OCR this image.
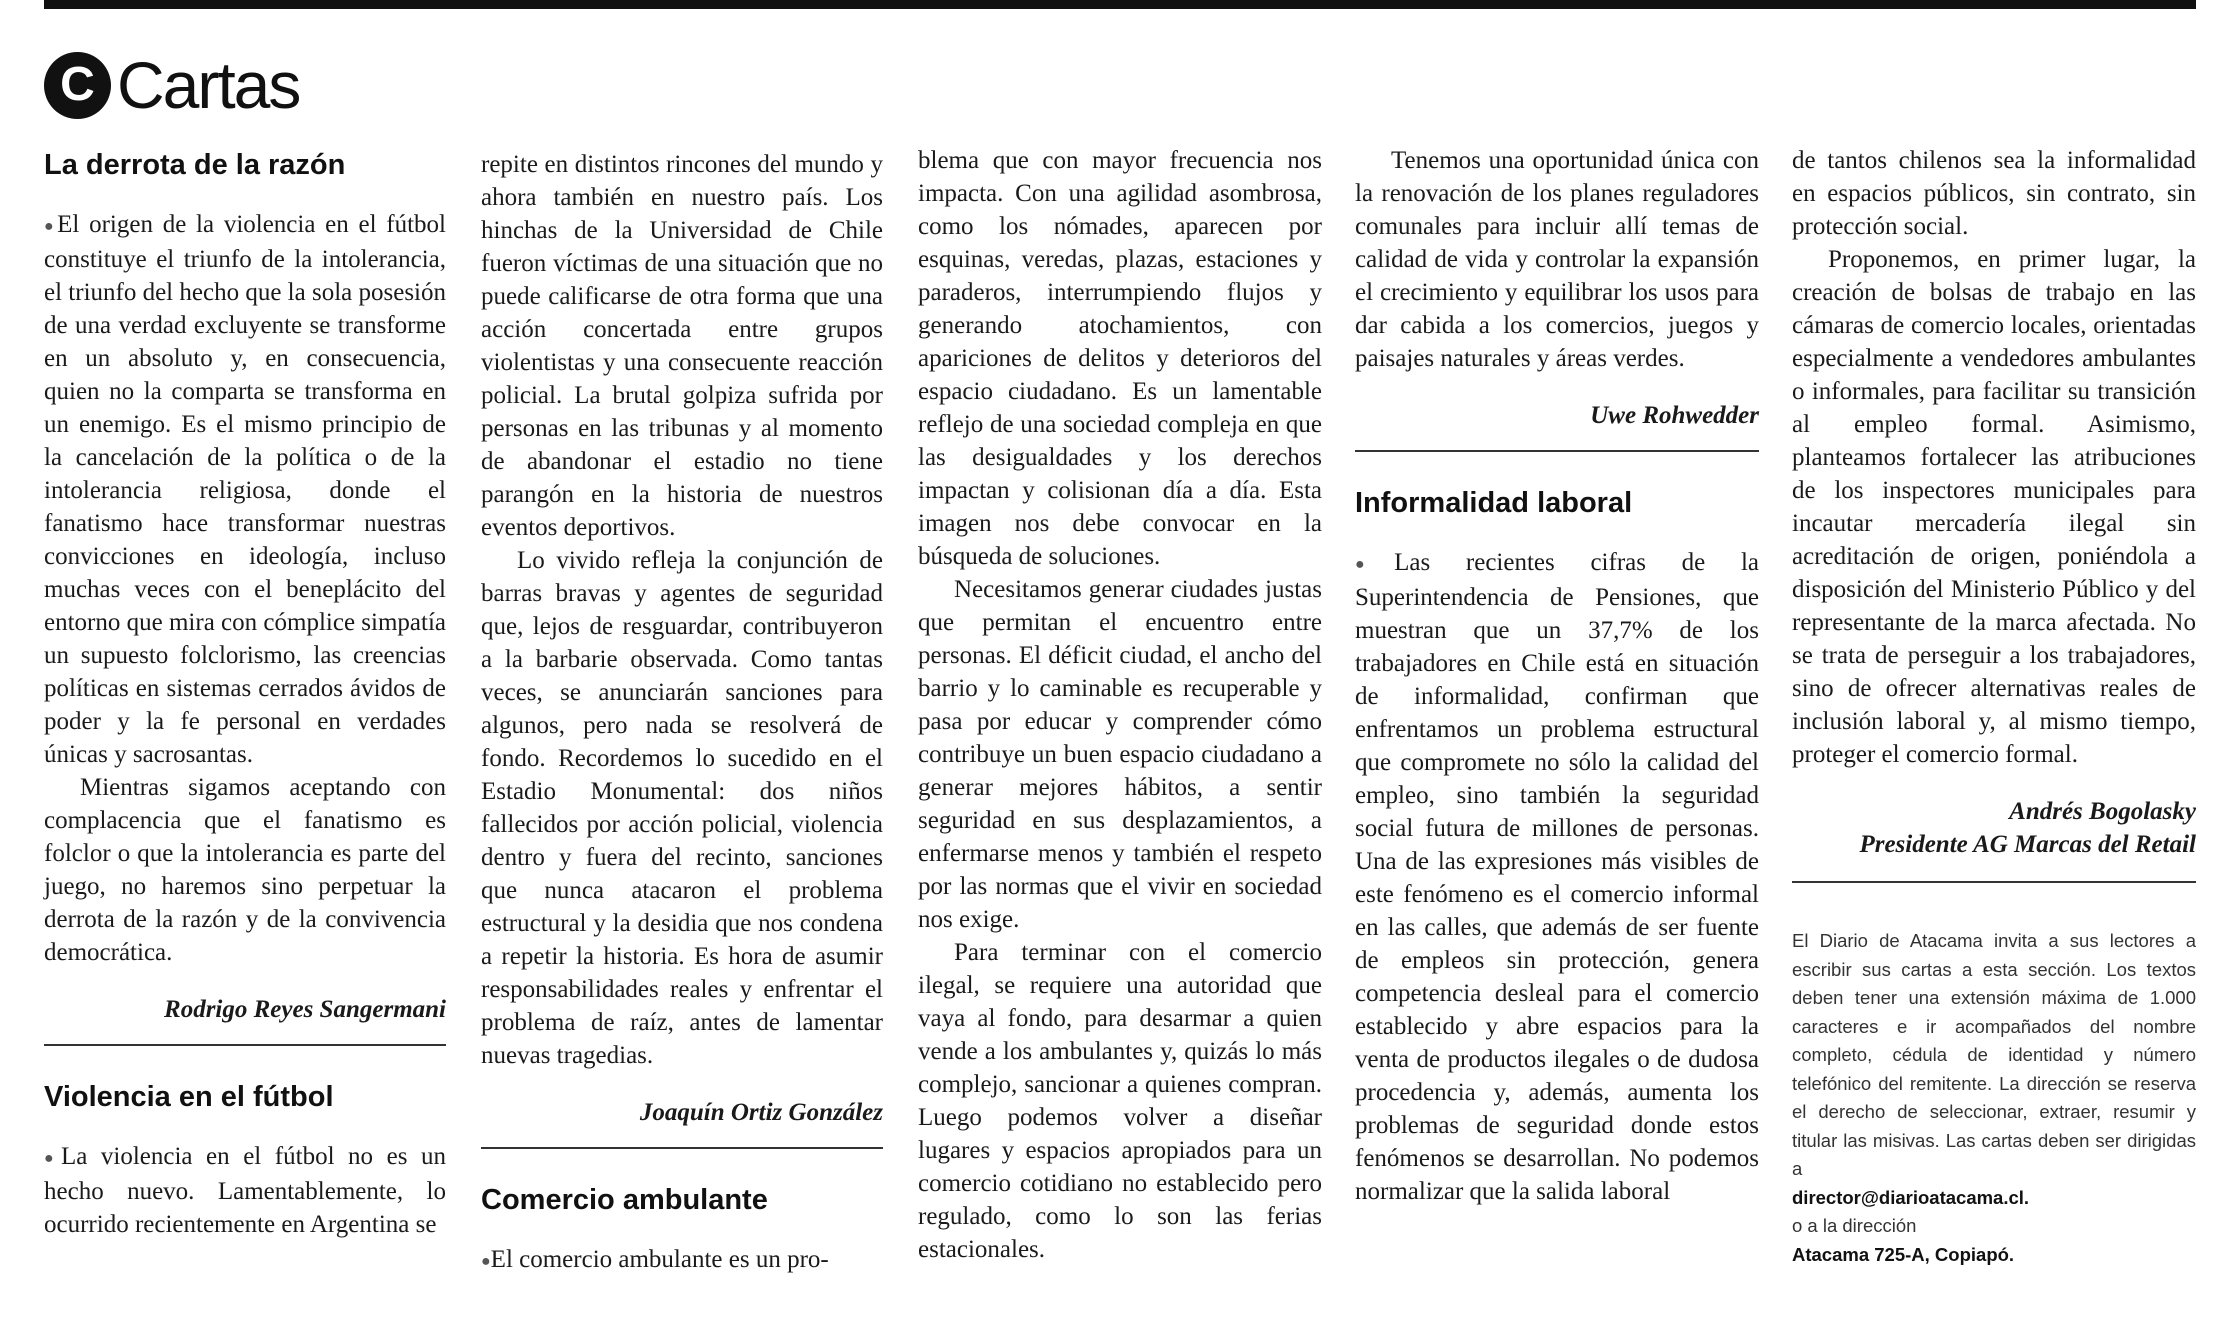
C Cartas
La derrota de la razón

●El origen de la violencia en el fútbol constituye el triunfo de la intolerancia, el triunfo del hecho que la sola posesión de una verdad excluyente se transforme en un absoluto y, en consecuencia, quien no la comparta se transforma en un enemigo. Es el mismo principio de la cancelación de la política o de la intolerancia religiosa, donde el fanatismo hace transformar nuestras convicciones en ideología, incluso muchas veces con el beneplácito del entorno que mira con cómplice simpatía un supuesto folclorismo, las creencias políticas en sistemas cerrados ávidos de poder y la fe personal en verdades únicas y sacrosantas.

Mientras sigamos aceptando con complacencia que el fanatismo es folclor o que la intolerancia es parte del juego, no haremos sino perpetuar la derrota de la razón y de la convivencia democrática.

Rodrigo Reyes Sangermani
Violencia en el fútbol

●La violencia en el fútbol no es un hecho nuevo. Lamentablemente, lo ocurrido recientemente en Argentina se

repite en distintos rincones del mundo y ahora también en nuestro país. Los hinchas de la Universidad de Chile fueron víctimas de una situación que no puede calificarse de otra forma que una acción concertada entre grupos violentistas y una consecuente reacción policial. La brutal golpiza sufrida por personas en las tribunas y al momento de abandonar el estadio no tiene parangón en la historia de nuestros eventos deportivos.

Lo vivido refleja la conjunción de barras bravas y agentes de seguridad que, lejos de resguardar, contribuyeron a la barbarie observada. Como tantas veces, se anunciarán sanciones para algunos, pero nada se resolverá de fondo. Recordemos lo sucedido en el Estadio Monumental: dos niños fallecidos por acción policial, violencia dentro y fuera del recinto, sanciones que nunca atacaron el problema estructural y la desidia que nos condena a repetir la historia. Es hora de asumir responsabilidades reales y enfrentar el problema de raíz, antes de lamentar nuevas tragedias.

Joaquín Ortiz González
Comercio ambulante

●El comercio ambulante es un pro-

blema que con mayor frecuencia nos impacta. Con una agilidad asombrosa, como los nómades, aparecen por esquinas, veredas, plazas, estaciones y paraderos, interrumpiendo flujos y generando atochamientos, con apariciones de delitos y deterioros del espacio ciudadano. Es un lamentable reflejo de una sociedad compleja en que las desigualdades y los derechos impactan y colisionan día a día. Esta imagen nos debe convocar en la búsqueda de soluciones.

Necesitamos generar ciudades justas que permitan el encuentro entre personas. El déficit ciudad, el ancho del barrio y lo caminable es recuperable y pasa por educar y comprender cómo contribuye un buen espacio ciudadano a generar mejores hábitos, a sentir seguridad en sus desplazamientos, a enfermarse menos y también el respeto por las normas que el vivir en sociedad nos exige.

Para terminar con el comercio ilegal, se requiere una autoridad que vaya al fondo, para desarmar a quien vende a los ambulantes y, quizás lo más complejo, sancionar a quienes compran. Luego podemos volver a diseñar lugares y espacios apropiados para un comercio cotidiano no establecido pero regulado, como lo son las ferias estacionales.

Tenemos una oportunidad única con la renovación de los planes reguladores comunales para incluir allí temas de calidad de vida y controlar la expansión el crecimiento y equilibrar los usos para dar cabida a los comercios, juegos y paisajes naturales y áreas verdes.

Uwe Rohwedder
Informalidad laboral

●Las recientes cifras de la Superintendencia de Pensiones, que muestran que un 37,7% de los trabajadores en Chile está en situación de informalidad, confirman que enfrentamos un problema estructural que compromete no sólo la calidad del empleo, sino también la seguridad social futura de millones de personas. Una de las expresiones más visibles de este fenómeno es el comercio informal en las calles, que además de ser fuente de empleos sin protección, genera competencia desleal para el comercio establecido y abre espacios para la venta de productos ilegales o de dudosa procedencia y, además, aumenta los problemas de seguridad donde estos fenómenos se desarrollan. No podemos normalizar que la salida laboral

de tantos chilenos sea la informalidad en espacios públicos, sin contrato, sin protección social.

Proponemos, en primer lugar, la creación de bolsas de trabajo en las cámaras de comercio locales, orientadas especialmente a vendedores ambulantes o informales, para facilitar su transición al empleo formal. Asimismo, planteamos fortalecer las atribuciones de los inspectores municipales para incautar mercadería ilegal sin acreditación de origen, poniéndola a disposición del Ministerio Público y del representante de la marca afectada. No se trata de perseguir a los trabajadores, sino de ofrecer alternativas reales de inclusión laboral y, al mismo tiempo, proteger el comercio formal.

Andrés Bogolasky
Presidente AG Marcas del Retail
El Diario de Atacama invita a sus lectores a escribir sus cartas a esta sección. Los textos deben tener una extensión máxima de 1.000 caracteres e ir acompañados del nombre completo, cédula de identidad y número telefónico del remitente. La dirección se reserva el derecho de seleccionar, extraer, resumir y titular las misivas. Las cartas deben ser dirigidas a
director@diarioatacama.cl.
o a la dirección
Atacama 725-A, Copiapó.
